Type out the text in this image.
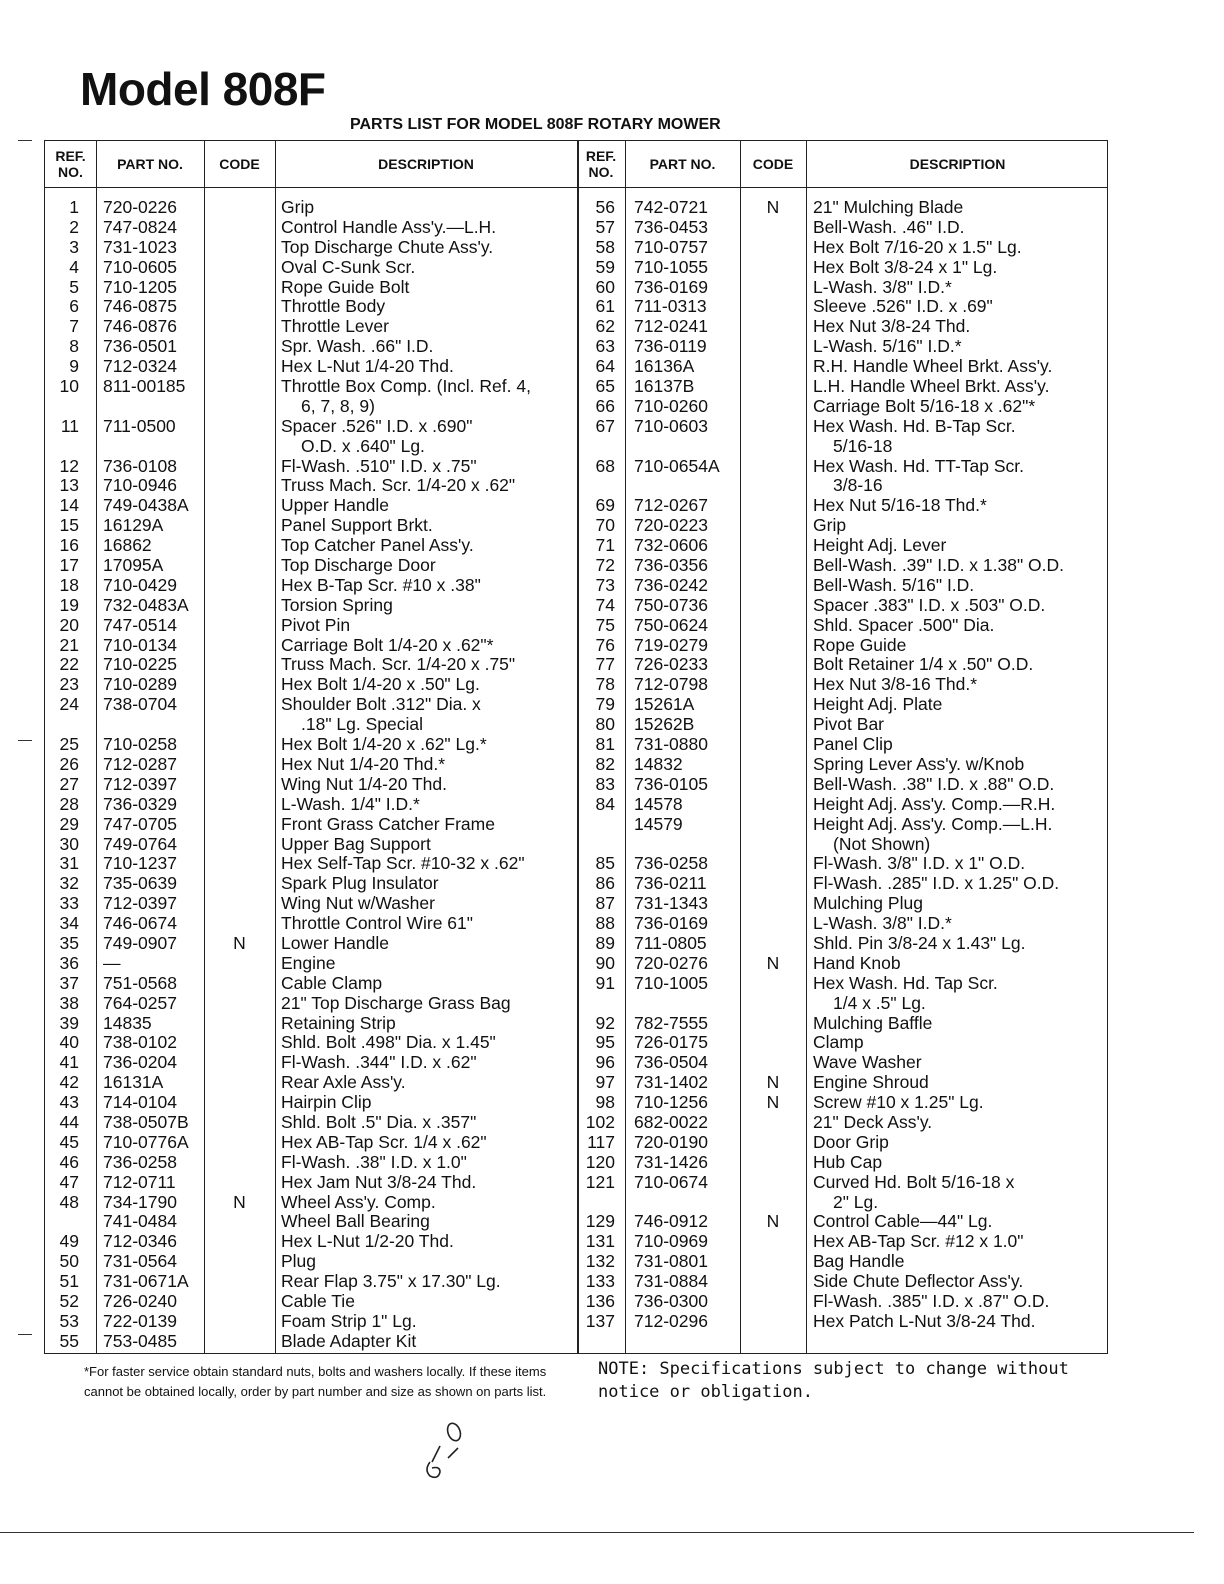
Model 808F
PARTS LIST FOR MODEL 808F ROTARY MOWER
REF. NO.	PART NO.	CODE	DESCRIPTION	REF. NO.	PART NO.	CODE	DESCRIPTION
1 720-0226	Grip
2 747-0824	Control Handle Ass'y.—L.H.
3 731-1023	Top Discharge Chute Ass'y.
4 710-0605	Oval C-Sunk Scr.
5 710-1205	Rope Guide Bolt
6 746-0875	Throttle Body
7 746-0876	Throttle Lever
8 736-0501	Spr. Wash. .66" I.D.
9 712-0324	Hex L-Nut 1/4-20 Thd.
10 811-00185	Throttle Box Comp. (Incl. Ref. 4,
6, 7, 8, 9)
11 711-0500	Spacer .526" I.D. x .690"
O.D. x .640" Lg.
12 736-0108	Fl-Wash. .510" I.D. x .75"
13 710-0946	Truss Mach. Scr. 1/4-20 x .62"
14 749-0438A	Upper Handle
15 16129A	Panel Support Brkt.
16 16862	Top Catcher Panel Ass'y.
17 17095A	Top Discharge Door
18 710-0429	Hex B-Tap Scr. #10 x .38"
19 732-0483A	Torsion Spring
20 747-0514	Pivot Pin
21 710-0134	Carriage Bolt 1/4-20 x .62"*
22 710-0225	Truss Mach. Scr. 1/4-20 x .75"
23 710-0289	Hex Bolt 1/4-20 x .50" Lg.
24 738-0704	Shoulder Bolt .312" Dia. x
.18" Lg. Special
25 710-0258	Hex Bolt 1/4-20 x .62" Lg.*
26 712-0287	Hex Nut 1/4-20 Thd.*
27 712-0397	Wing Nut 1/4-20 Thd.
28 736-0329	L-Wash. 1/4" I.D.*
29 747-0705	Front Grass Catcher Frame
30 749-0764	Upper Bag Support
31 710-1237	Hex Self-Tap Scr. #10-32 x .62"
32 735-0639	Spark Plug Insulator
33 712-0397	Wing Nut w/Washer
34 746-0674	Throttle Control Wire 61"
35 749-0907	N	Lower Handle
36 —	Engine
37 751-0568	Cable Clamp
38 764-0257	21" Top Discharge Grass Bag
39 14835	Retaining Strip
40 738-0102	Shld. Bolt .498" Dia. x 1.45"
41 736-0204	Fl-Wash. .344" I.D. x .62"
42 16131A	Rear Axle Ass'y.
43 714-0104	Hairpin Clip
44 738-0507B	Shld. Bolt .5" Dia. x .357"
45 710-0776A	Hex AB-Tap Scr. 1/4 x .62"
46 736-0258	Fl-Wash. .38" I.D. x 1.0"
47 712-0711	Hex Jam Nut 3/8-24 Thd.
48 734-1790	N	Wheel Ass'y. Comp.
741-0484	Wheel Ball Bearing
49 712-0346	Hex L-Nut 1/2-20 Thd.
50 731-0564	Plug
51 731-0671A	Rear Flap 3.75" x 17.30" Lg.
52 726-0240	Cable Tie
53 722-0139	Foam Strip 1" Lg.
55 753-0485	Blade Adapter Kit
56 742-0721	N	21" Mulching Blade
57 736-0453	Bell-Wash. .46" I.D.
58 710-0757	Hex Bolt 7/16-20 x 1.5" Lg.
59 710-1055	Hex Bolt 3/8-24 x 1" Lg.
60 736-0169	L-Wash. 3/8" I.D.*
61 711-0313	Sleeve .526" I.D. x .69"
62 712-0241	Hex Nut 3/8-24 Thd.
63 736-0119	L-Wash. 5/16" I.D.*
64 16136A	R.H. Handle Wheel Brkt. Ass'y.
65 16137B	L.H. Handle Wheel Brkt. Ass'y.
66 710-0260	Carriage Bolt 5/16-18 x .62"*
67 710-0603	Hex Wash. Hd. B-Tap Scr.
5/16-18
68 710-0654A	Hex Wash. Hd. TT-Tap Scr.
3/8-16
69 712-0267	Hex Nut 5/16-18 Thd.*
70 720-0223	Grip
71 732-0606	Height Adj. Lever
72 736-0356	Bell-Wash. .39" I.D. x 1.38" O.D.
73 736-0242	Bell-Wash. 5/16" I.D.
74 750-0736	Spacer .383" I.D. x .503" O.D.
75 750-0624	Shld. Spacer .500" Dia.
76 719-0279	Rope Guide
77 726-0233	Bolt Retainer 1/4 x .50" O.D.
78 712-0798	Hex Nut 3/8-16 Thd.*
79 15261A	Height Adj. Plate
80 15262B	Pivot Bar
81 731-0880	Panel Clip
82 14832	Spring Lever Ass'y. w/Knob
83 736-0105	Bell-Wash. .38" I.D. x .88" O.D.
84 14578	Height Adj. Ass'y. Comp.—R.H.
14579	Height Adj. Ass'y. Comp.—L.H.
(Not Shown)
85 736-0258	Fl-Wash. 3/8" I.D. x 1" O.D.
86 736-0211	Fl-Wash. .285" I.D. x 1.25" O.D.
87 731-1343	Mulching Plug
88 736-0169	L-Wash. 3/8" I.D.*
89 711-0805	Shld. Pin 3/8-24 x 1.43" Lg.
90 720-0276	N	Hand Knob
91 710-1005	Hex Wash. Hd. Tap Scr.
1/4 x .5" Lg.
92 782-7555	Mulching Baffle
95 726-0175	Clamp
96 736-0504	Wave Washer
97 731-1402	N	Engine Shroud
98 710-1256	N	Screw #10 x 1.25" Lg.
102 682-0022	21" Deck Ass'y.
117 720-0190	Door Grip
120 731-1426	Hub Cap
121 710-0674	Curved Hd. Bolt 5/16-18 x
2" Lg.
129 746-0912	N	Control Cable—44" Lg.
131 710-0969	Hex AB-Tap Scr. #12 x 1.0"
132 731-0801	Bag Handle
133 731-0884	Side Chute Deflector Ass'y.
136 736-0300	Fl-Wash. .385" I.D. x .87" O.D.
137 712-0296	Hex Patch L-Nut 3/8-24 Thd.
*For faster service obtain standard nuts, bolts and washers locally. If these items cannot be obtained locally, order by part number and size as shown on parts list.
NOTE: Specifications subject to change without notice or obligation.
